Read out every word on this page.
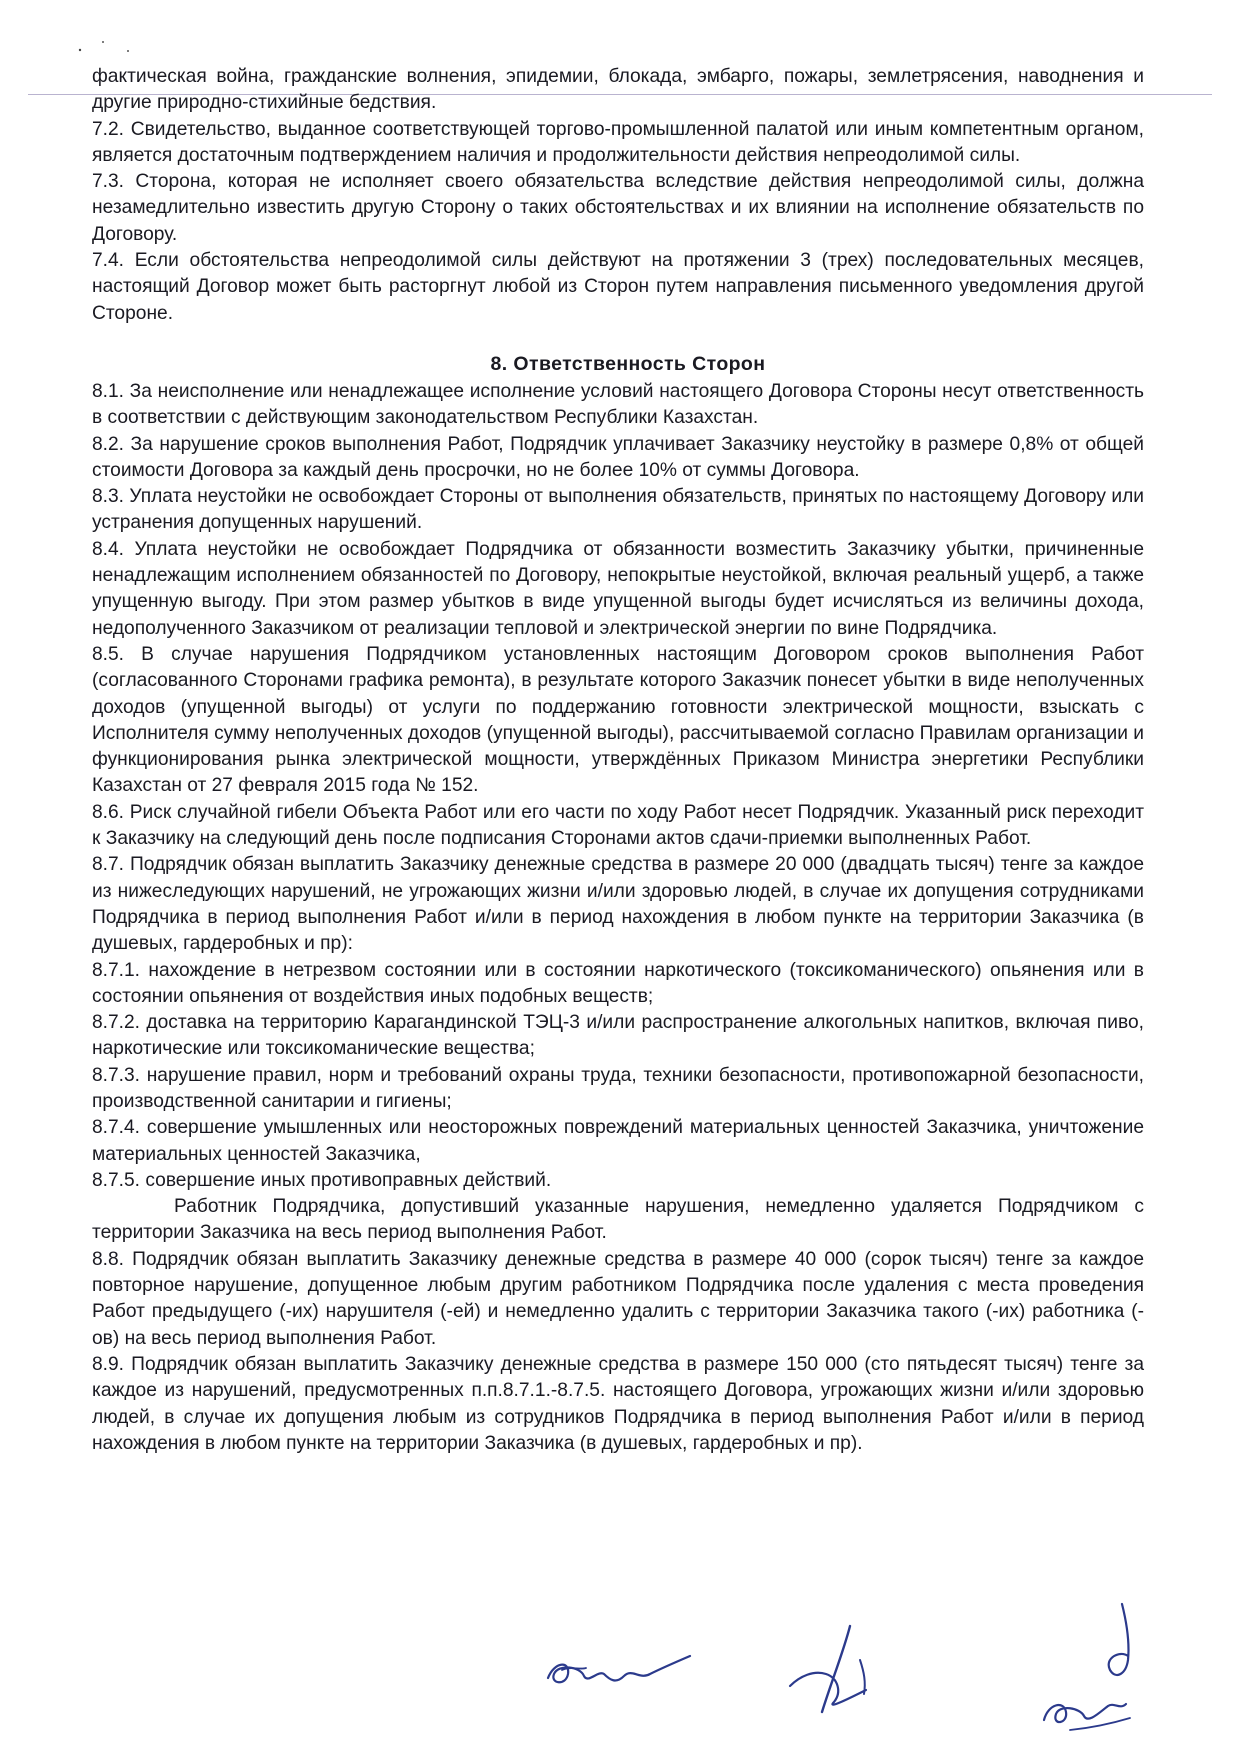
фактическая война, гражданские волнения, эпидемии, блокада, эмбарго, пожары, землетрясения, наводнения и другие природно-стихийные бедствия.

7.2. Свидетельство, выданное соответствующей торгово-промышленной палатой или иным компетентным органом, является достаточным подтверждением наличия и продолжительности действия непреодолимой силы.

7.3. Сторона, которая не исполняет своего обязательства вследствие действия непреодолимой силы, должна незамедлительно известить другую Сторону о таких обстоятельствах и их влиянии на исполнение обязательств по Договору.

7.4. Если обстоятельства непреодолимой силы действуют на протяжении 3 (трех) последовательных месяцев, настоящий Договор может быть расторгнут любой из Сторон путем направления письменного уведомления другой Стороне.

8. Ответственность Сторон

8.1. За неисполнение или ненадлежащее исполнение условий настоящего Договора Стороны несут ответственность в соответствии с действующим законодательством Республики Казахстан.

8.2. За нарушение сроков выполнения Работ, Подрядчик уплачивает Заказчику неустойку в размере 0,8% от общей стоимости Договора за каждый день просрочки, но не более 10% от суммы Договора.

8.3. Уплата неустойки не освобождает Стороны от выполнения обязательств, принятых по настоящему Договору или устранения допущенных нарушений.

8.4. Уплата неустойки не освобождает Подрядчика от обязанности возместить Заказчику убытки, причиненные ненадлежащим исполнением обязанностей по Договору, непокрытые неустойкой, включая реальный ущерб, а также упущенную выгоду. При этом размер убытков в виде упущенной выгоды будет исчисляться из величины дохода, недополученного Заказчиком от реализации тепловой и электрической энергии по вине Подрядчика.

8.5. В случае нарушения Подрядчиком установленных настоящим Договором сроков выполнения Работ (согласованного Сторонами графика ремонта), в результате которого Заказчик понесет убытки в виде неполученных доходов (упущенной выгоды) от услуги по поддержанию готовности электрической мощности, взыскать с Исполнителя сумму неполученных доходов (упущенной выгоды), рассчитываемой согласно Правилам организации и функционирования рынка электрической мощности, утверждённых Приказом Министра энергетики Республики Казахстан от 27 февраля 2015 года № 152.

8.6. Риск случайной гибели Объекта Работ или его части по ходу Работ несет Подрядчик. Указанный риск переходит к Заказчику на следующий день после подписания Сторонами актов сдачи-приемки выполненных Работ.

8.7. Подрядчик обязан выплатить Заказчику денежные средства в размере 20 000 (двадцать тысяч) тенге за каждое из нижеследующих нарушений, не угрожающих жизни и/или здоровью людей, в случае их допущения сотрудниками Подрядчика в период выполнения Работ и/или в период нахождения в любом пункте на территории Заказчика (в душевых, гардеробных и пр):

8.7.1. нахождение в нетрезвом состоянии или в состоянии наркотического (токсикоманического) опьянения или в состоянии опьянения от воздействия иных подобных веществ;

8.7.2. доставка на территорию Карагандинской ТЭЦ-3 и/или распространение алкогольных напитков, включая пиво, наркотические или токсикоманические вещества;

8.7.3. нарушение правил, норм и требований охраны труда, техники безопасности, противопожарной безопасности, производственной санитарии и гигиены;

8.7.4. совершение умышленных или неосторожных повреждений материальных ценностей Заказчика, уничтожение материальных ценностей Заказчика,

8.7.5. совершение иных противоправных действий.

Работник Подрядчика, допустивший указанные нарушения, немедленно удаляется Подрядчиком с территории Заказчика на весь период выполнения Работ.

8.8. Подрядчик обязан выплатить Заказчику денежные средства в размере 40 000 (сорок тысяч) тенге за каждое повторное нарушение, допущенное любым другим работником Подрядчика после удаления с места проведения Работ предыдущего (-их) нарушителя (-ей) и немедленно удалить с территории Заказчика такого (-их) работника (-ов) на весь период выполнения Работ.

8.9. Подрядчик обязан выплатить Заказчику денежные средства в размере 150 000 (сто пятьдесят тысяч) тенге за каждое из нарушений, предусмотренных п.п.8.7.1.-8.7.5. настоящего Договора, угрожающих жизни и/или здоровью людей, в случае их допущения любым из сотрудников Подрядчика в период выполнения Работ и/или в период нахождения в любом пункте на территории Заказчика (в душевых, гардеробных и пр).
